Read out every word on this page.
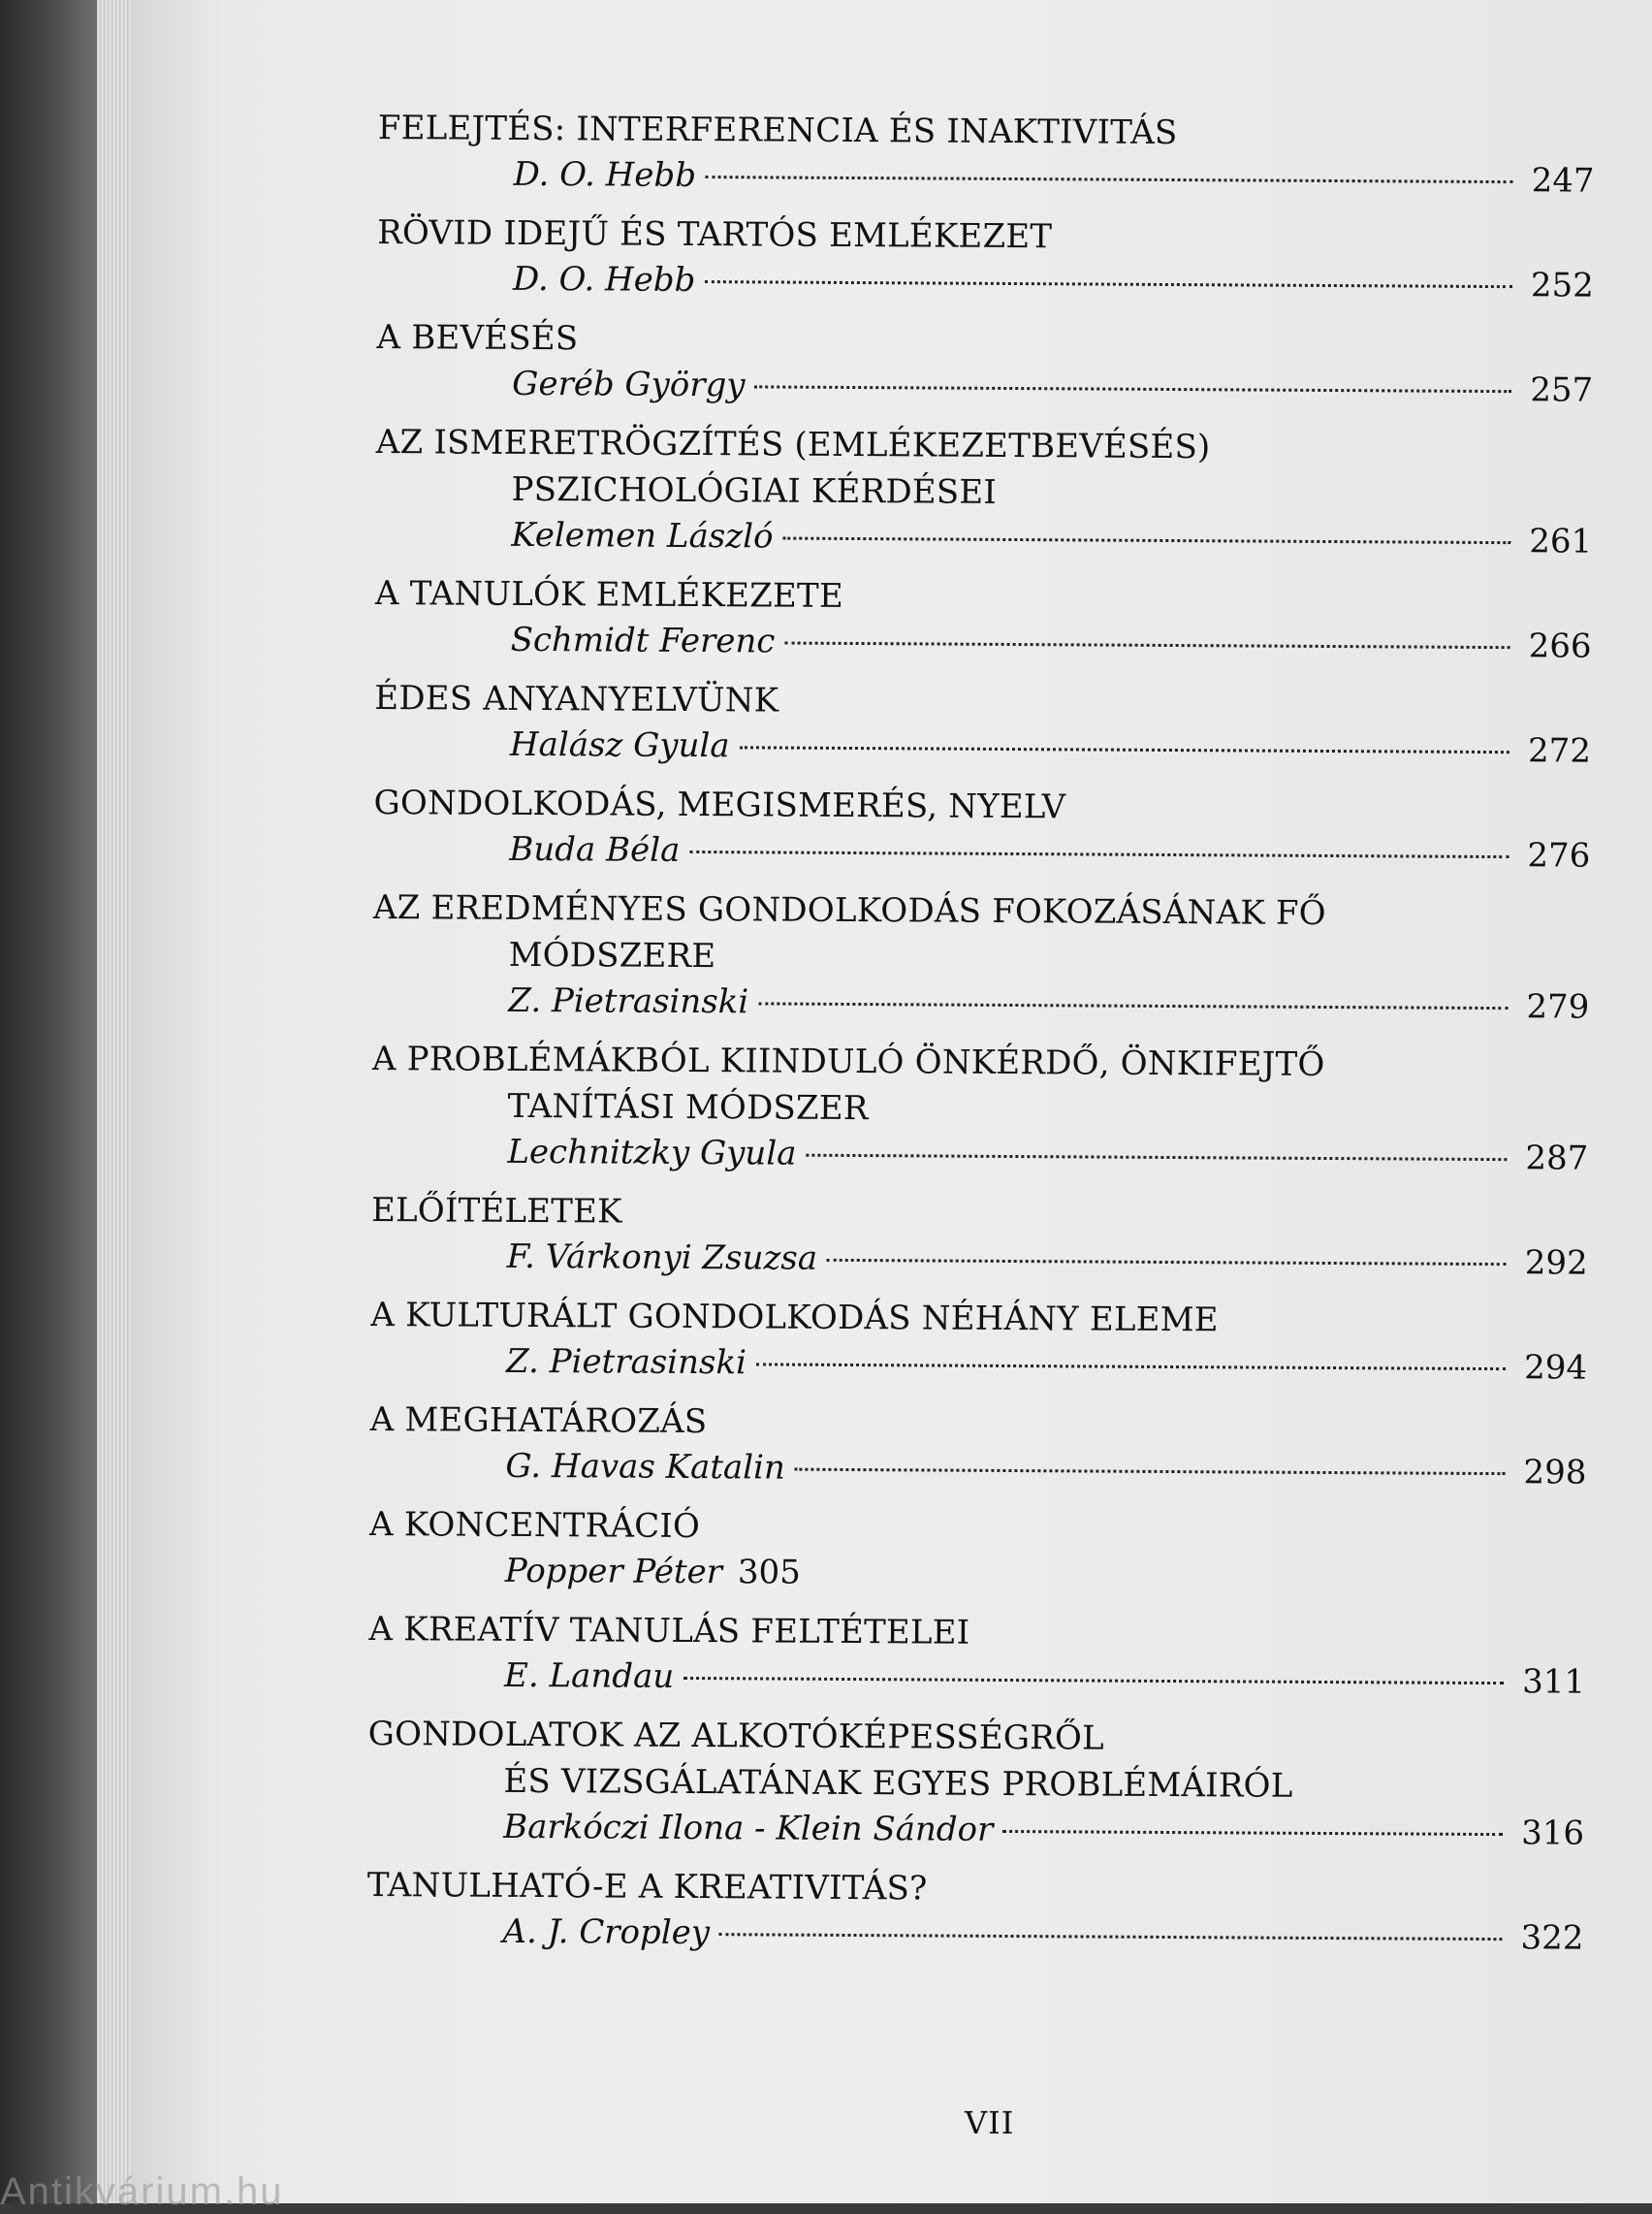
FELEJTÉS: INTERFERENCIA ÉS INAKTIVITÁS
D. O. Hebb	247
RÖVID IDEJŰ ÉS TARTÓS EMLÉKEZET
D. O. Hebb	252
A BEVÉSÉS
Geréb György	257
AZ ISMERETRÖGZÍTÉS (EMLÉKEZETBEVÉSÉS)
PSZICHOLÓGIAI KÉRDÉSEI
Kelemen László	261
A TANULÓK EMLÉKEZETE
Schmidt Ferenc	266
ÉDES ANYANYELVÜNK
Halász Gyula	272
GONDOLKODÁS, MEGISMERÉS, NYELV
Buda Béla	276
AZ EREDMÉNYES GONDOLKODÁS FOKOZÁSÁNAK FŐ
MÓDSZERE
Z. Pietrasinski	279
A PROBLÉMÁKBÓL KIINDULÓ ÖNKÉRDŐ, ÖNKIFEJTŐ
TANÍTÁSI MÓDSZER
Lechnitzky Gyula	287
ELŐÍTÉLETEK
F. Várkonyi Zsuzsa	292
A KULTURÁLT GONDOLKODÁS NÉHÁNY ELEME
Z. Pietrasinski	294
A MEGHATÁROZÁS
G. Havas Katalin	298
A KONCENTRÁCIÓ
Popper Péter 305
A KREATÍV TANULÁS FELTÉTELEI
E. Landau	311
GONDOLATOK AZ ALKOTÓKÉPESSÉGRŐL
ÉS VIZSGÁLATÁNAK EGYES PROBLÉMÁIRÓL
Barkóczi Ilona - Klein Sándor	316
TANULHATÓ-E A KREATIVITÁS?
A. J. Cropley	322
VII
Antikvárium.hu
